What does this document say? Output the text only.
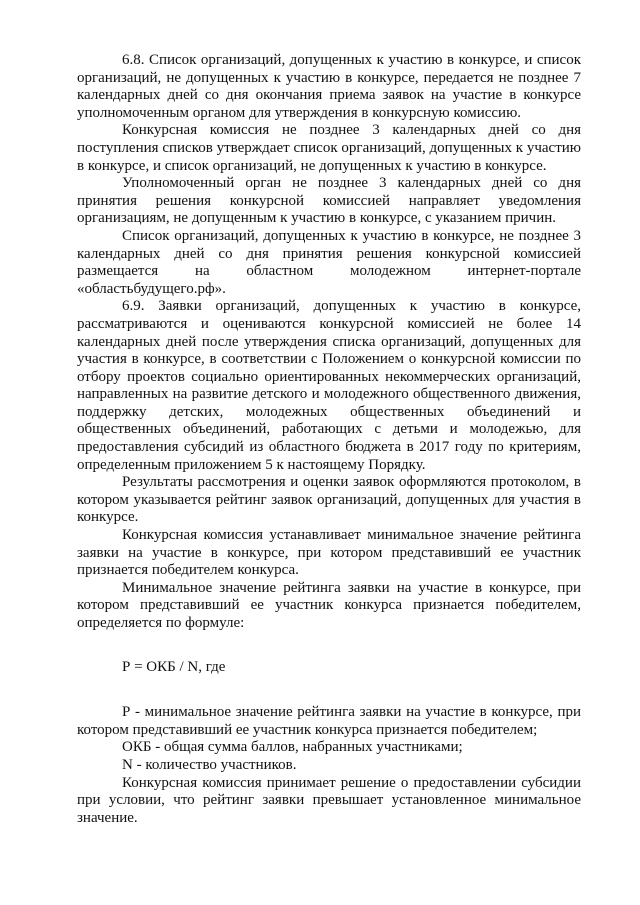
6.8. Список организаций, допущенных к участию в конкурсе, и список организаций, не допущенных к участию в конкурсе, передается не позднее 7 календарных дней со дня окончания приема заявок на участие в конкурсе уполномоченным органом для утверждения в конкурсную комиссию.

Конкурсная комиссия не позднее 3 календарных дней со дня поступления списков утверждает список организаций, допущенных к участию в конкурсе, и список организаций, не допущенных к участию в конкурсе.

Уполномоченный орган не позднее 3 календарных дней со дня принятия решения конкурсной комиссией направляет уведомления организациям, не допущенным к участию в конкурсе, с указанием причин.

Список организаций, допущенных к участию в конкурсе, не позднее 3 календарных дней со дня принятия решения конкурсной комиссией размещается на областном молодежном интернет-портале «областьбудущего.рф».

6.9. Заявки организаций, допущенных к участию в конкурсе, рассматриваются и оцениваются конкурсной комиссией не более 14 календарных дней после утверждения списка организаций, допущенных для участия в конкурсе, в соответствии с Положением о конкурсной комиссии по отбору проектов социально ориентированных некоммерческих организаций, направленных на развитие детского и молодежного общественного движения, поддержку детских, молодежных общественных объединений и общественных объединений, работающих с детьми и молодежью, для предоставления субсидий из областного бюджета в 2017 году по критериям, определенным приложением 5 к настоящему Порядку.

Результаты рассмотрения и оценки заявок оформляются протоколом, в котором указывается рейтинг заявок организаций, допущенных для участия в конкурсе.

Конкурсная комиссия устанавливает минимальное значение рейтинга заявки на участие в конкурсе, при котором представивший ее участник признается победителем конкурса.

Минимальное значение рейтинга заявки на участие в конкурсе, при котором представивший ее участник конкурса признается победителем, определяется по формуле:

Р = ОКБ / N, где

Р - минимальное значение рейтинга заявки на участие в конкурсе, при котором представивший ее участник конкурса признается победителем;

ОКБ - общая сумма баллов, набранных участниками;

N - количество участников.

Конкурсная комиссия принимает решение о предоставлении субсидии при условии, что рейтинг заявки превышает установленное минимальное значение.
